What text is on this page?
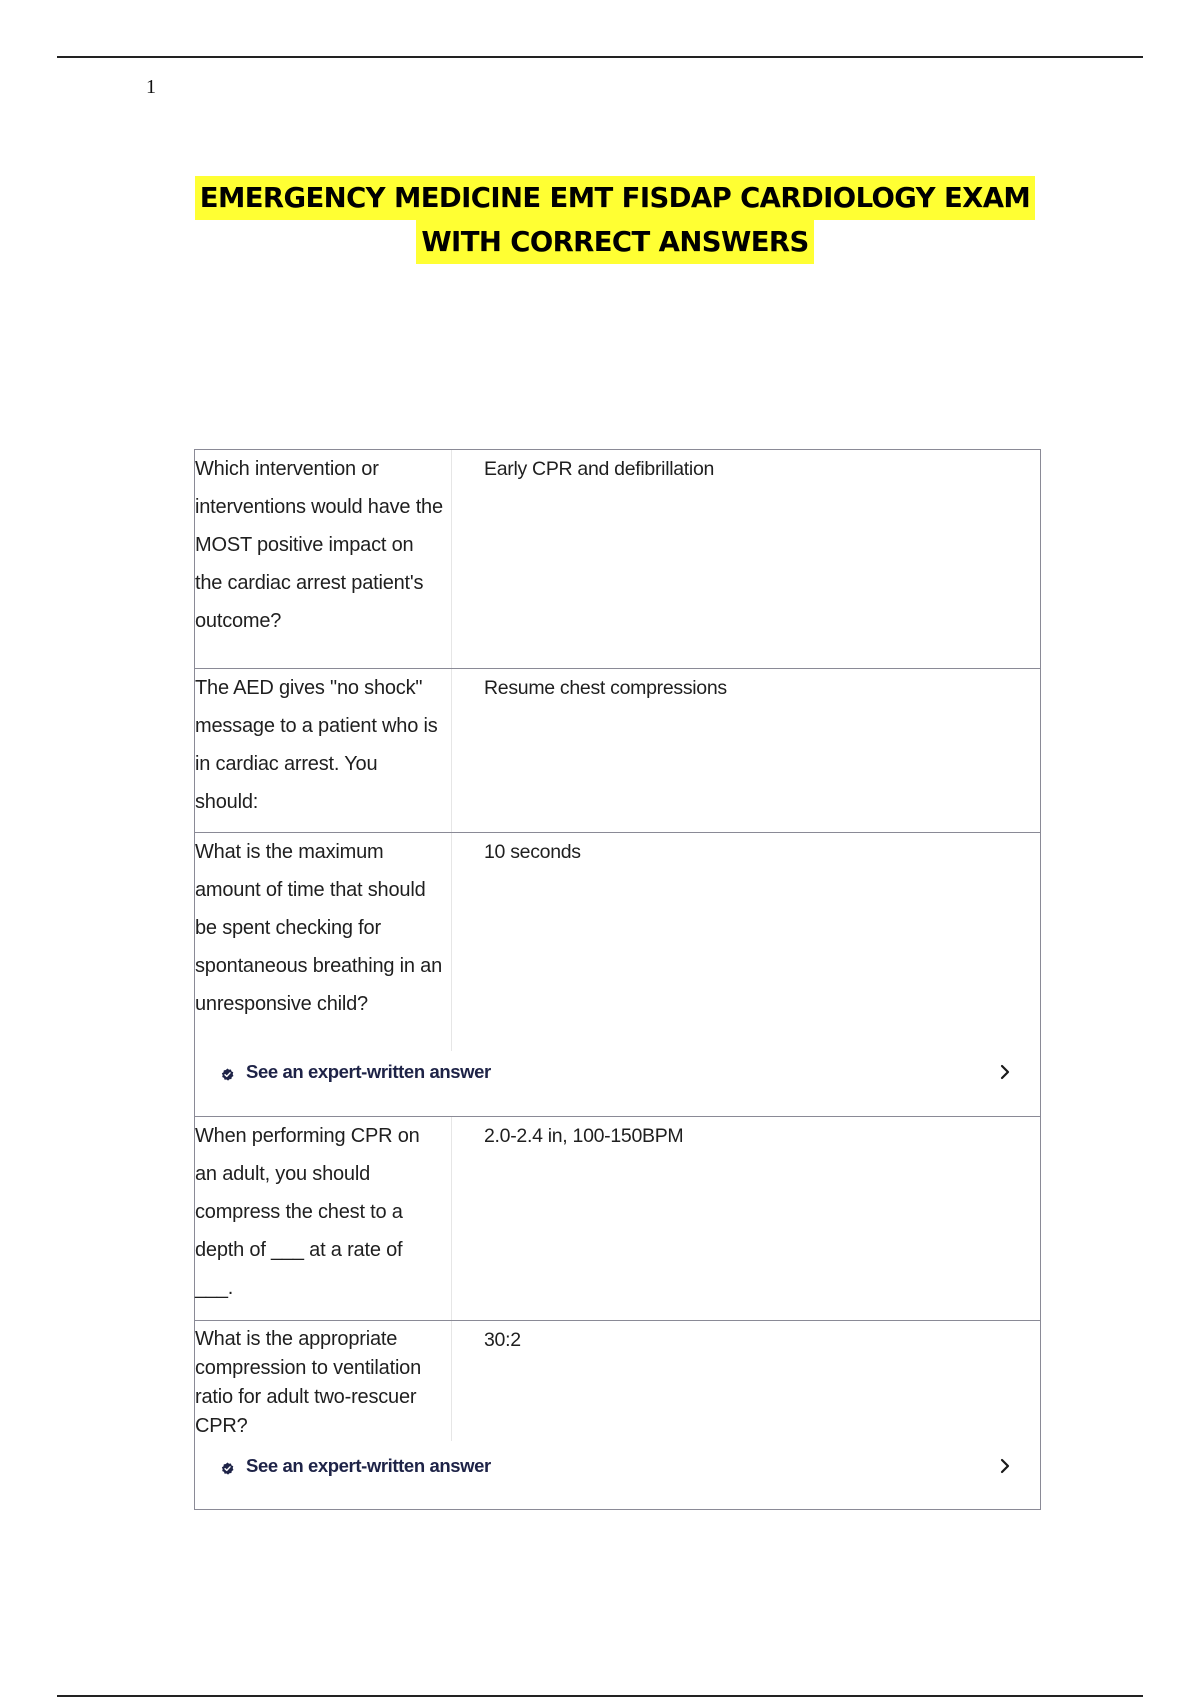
1
EMERGENCY MEDICINE EMT FISDAP CARDIOLOGY EXAM
WITH CORRECT ANSWERS
Which intervention or interventions would have the MOST positive impact on the cardiac arrest patient's outcome?
Early CPR and defibrillation
The AED gives "no shock" message to a patient who is in cardiac arrest. You should:
Resume chest compressions
What is the maximum amount of time that should be spent checking for spontaneous breathing in an unresponsive child?
10 seconds
See an expert-written answer
When performing CPR on an adult, you should compress the chest to a depth of ___ at a rate of ___.
2.0-2.4 in, 100-150BPM
What is the appropriate compression to ventilation ratio for adult two-rescuer CPR?
30:2
See an expert-written answer
